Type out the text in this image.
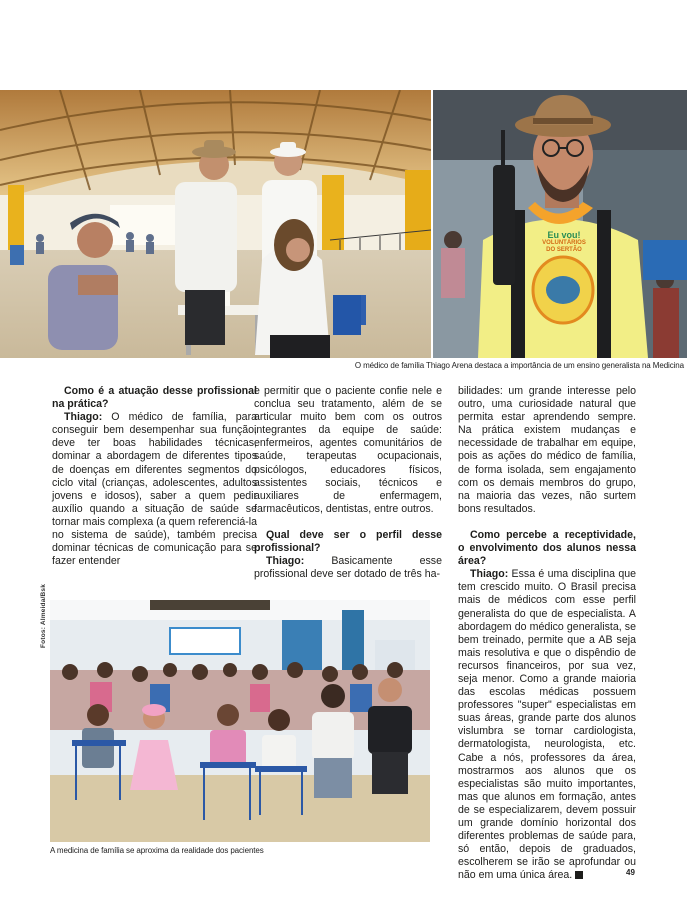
Eu vou!
VOLUNTÁRIOS
DO SERTÃO
O médico de família Thiago Arena destaca a importância de um ensino generalista na Medicina

Como é a atuação desse profissional na prática?

Thiago: O médico de família, para conseguir bem desempenhar sua função, deve ter boas habilidades técnicas, dominar a abordagem de diferentes tipos de doenças em diferentes segmentos do ciclo vital (crianças, adolescentes, adultos jovens e idosos), saber a quem pedir auxílio quando a situação de saúde se tornar mais complexa (a quem referenciá-la no sistema de saúde), também precisa dominar técnicas de comunicação para se fazer entender

e permitir que o paciente confie nele e conclua seu tratamento, além de se articular muito bem com os outros integrantes da equipe de saúde: enfermeiros, agentes comunitários de saúde, terapeutas ocupacionais, psicólogos, educadores físicos, assistentes sociais, técnicos e auxiliares de enfermagem, farmacêuticos, dentistas, entre outros.

Qual deve ser o perfil desse profissional?

Thiago:	Basicamente esse profissional deve ser dotado de três ha-

bilidades: um grande interesse pelo outro, uma curiosidade natural que permita estar aprendendo sempre. Na prática existem mudanças e necessidade de trabalhar em equipe, pois as ações do médico de família, de forma isolada, sem engajamento com os demais membros do grupo, na maioria das vezes, não surtem bons resultados.

Como percebe a receptividade, o envolvimento dos alunos nessa área?

Thiago: Essa é uma disciplina que tem crescido muito. O Brasil precisa mais de médicos com esse perfil generalista do que de especialista. A abordagem do médico generalista, se bem treinado, permite que a AB seja mais resolutiva e que o dispêndio de recursos financeiros, por sua vez, seja menor. Como a grande maioria das escolas médicas possuem professores "super" especialistas em suas áreas, grande parte dos alunos vislumbra se tornar cardiologista, dermatologista, neurologista, etc. Cabe a nós, professores da área, mostrarmos aos alunos que os especialistas são muito importantes, mas que alunos em formação, antes de se especializarem, devem possuir um grande domínio horizontal dos diferentes problemas de saúde para, só então, depois de graduados, escolherem se irão se aprofundar ou não em uma única área.

Fotos: Almeida/Bsk
A medicina de família se aproxima da realidade dos pacientes
49
